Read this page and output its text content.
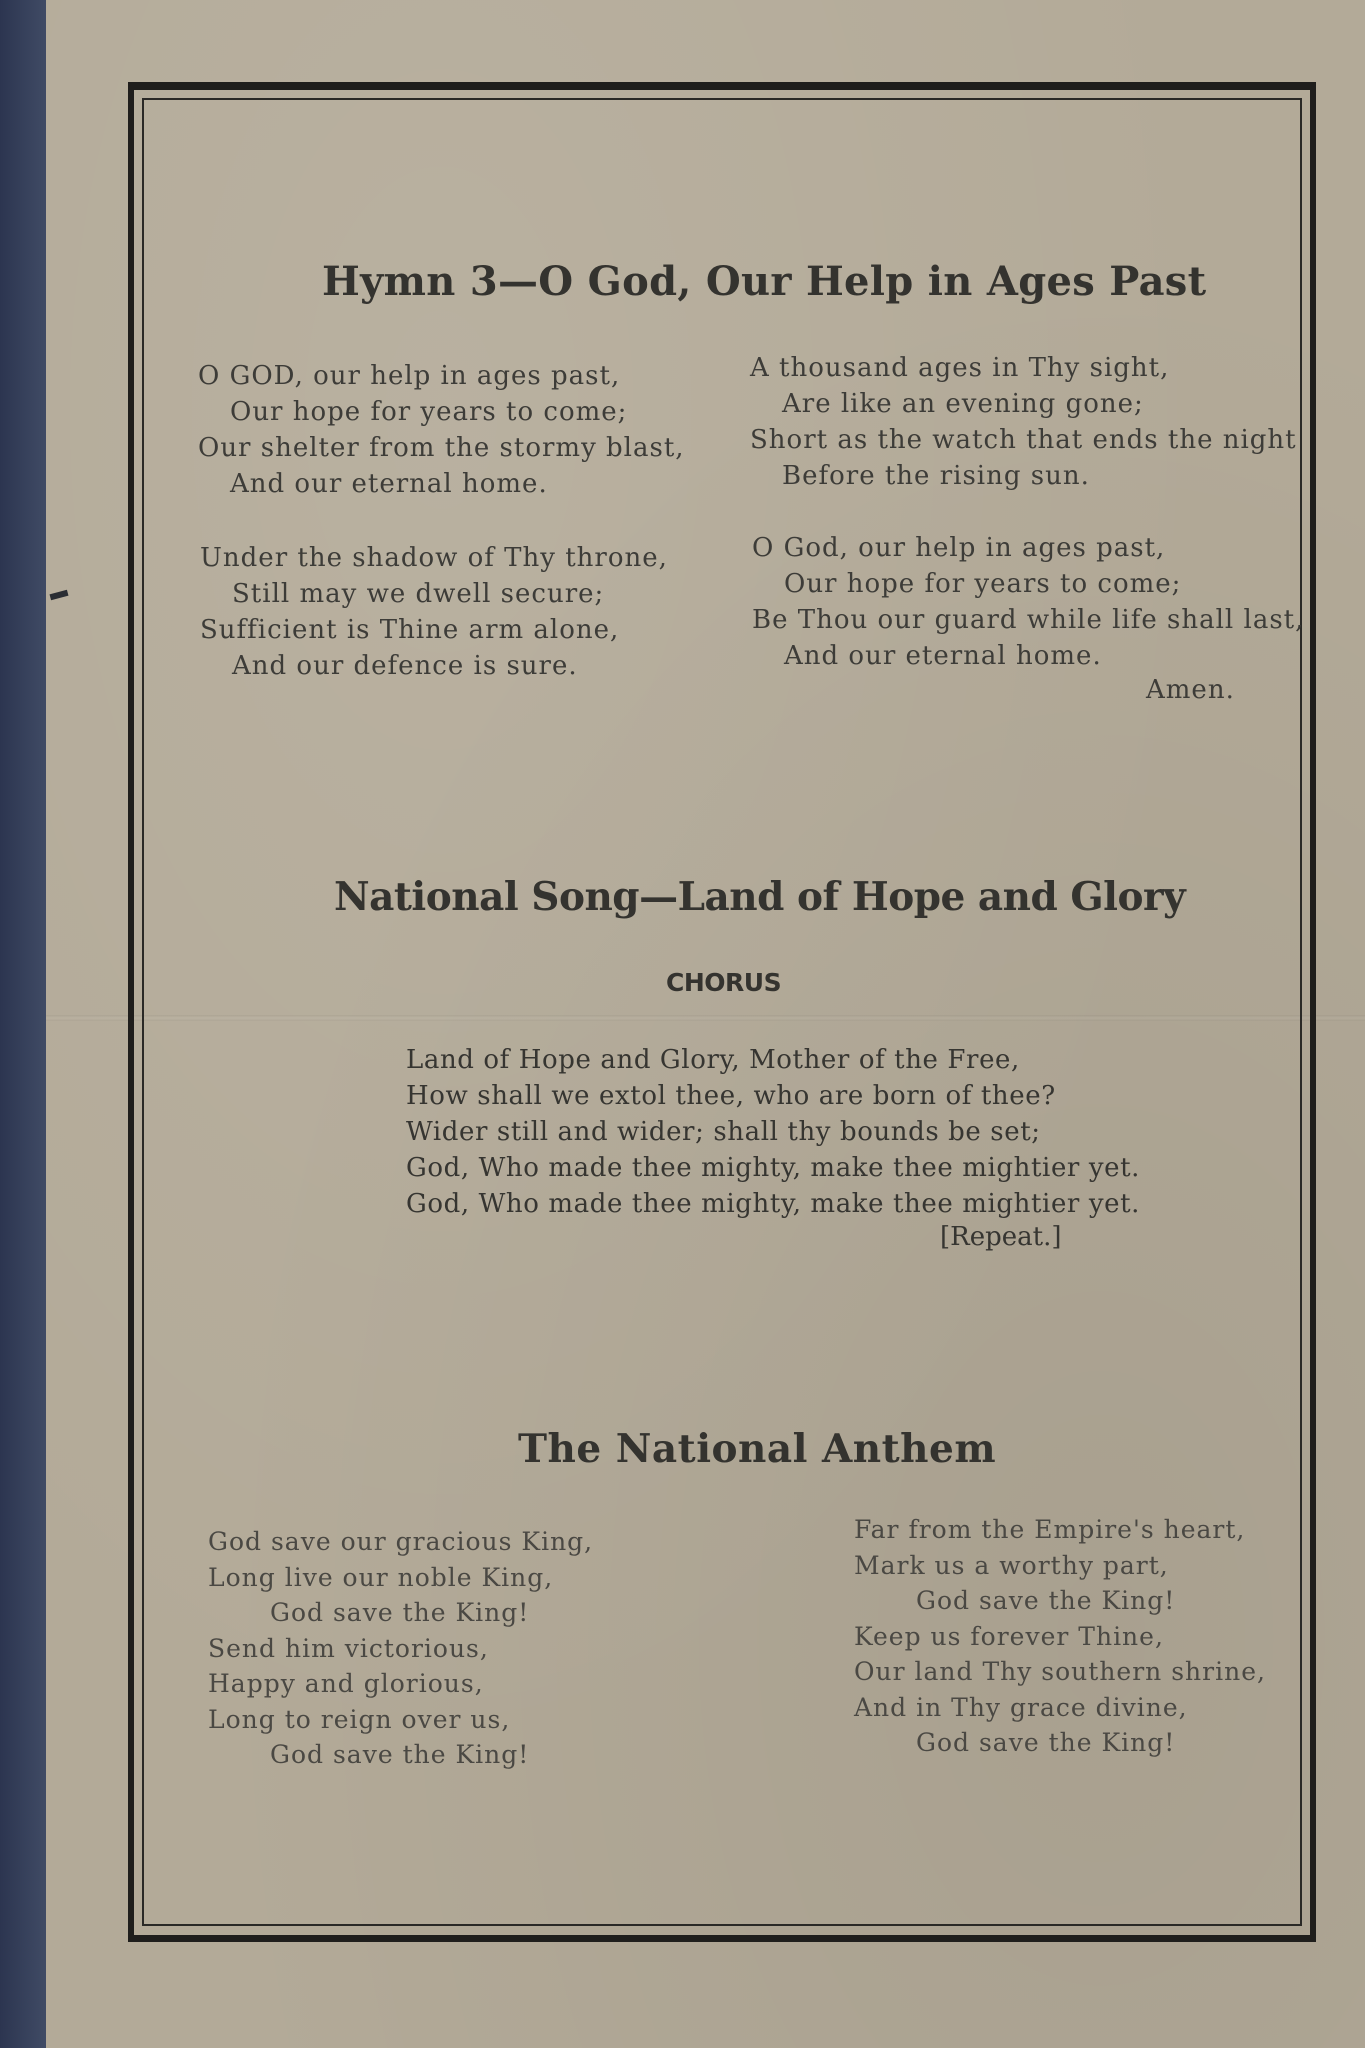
Hymn 3—O God, Our Help in Ages Past
O GOD, our help in ages past,
Our hope for years to come;
Our shelter from the stormy blast,
And our eternal home.
Under the shadow of Thy throne,
Still may we dwell secure;
Sufficient is Thine arm alone,
And our defence is sure.
A thousand ages in Thy sight,
Are like an evening gone;
Short as the watch that ends the night
Before the rising sun.
O God, our help in ages past,
Our hope for years to come;
Be Thou our guard while life shall last,
And our eternal home.
Amen.
National Song—Land of Hope and Glory
CHORUS
Land of Hope and Glory, Mother of the Free,
How shall we extol thee, who are born of thee?
Wider still and wider; shall thy bounds be set;
God, Who made thee mighty, make thee mightier yet.
God, Who made thee mighty, make thee mightier yet.
[Repeat.]
The National Anthem
God save our gracious King,
Long live our noble King,
God save the King!
Send him victorious,
Happy and glorious,
Long to reign over us,
God save the King!
Far from the Empire's heart,
Mark us a worthy part,
God save the King!
Keep us forever Thine,
Our land Thy southern shrine,
And in Thy grace divine,
God save the King!
